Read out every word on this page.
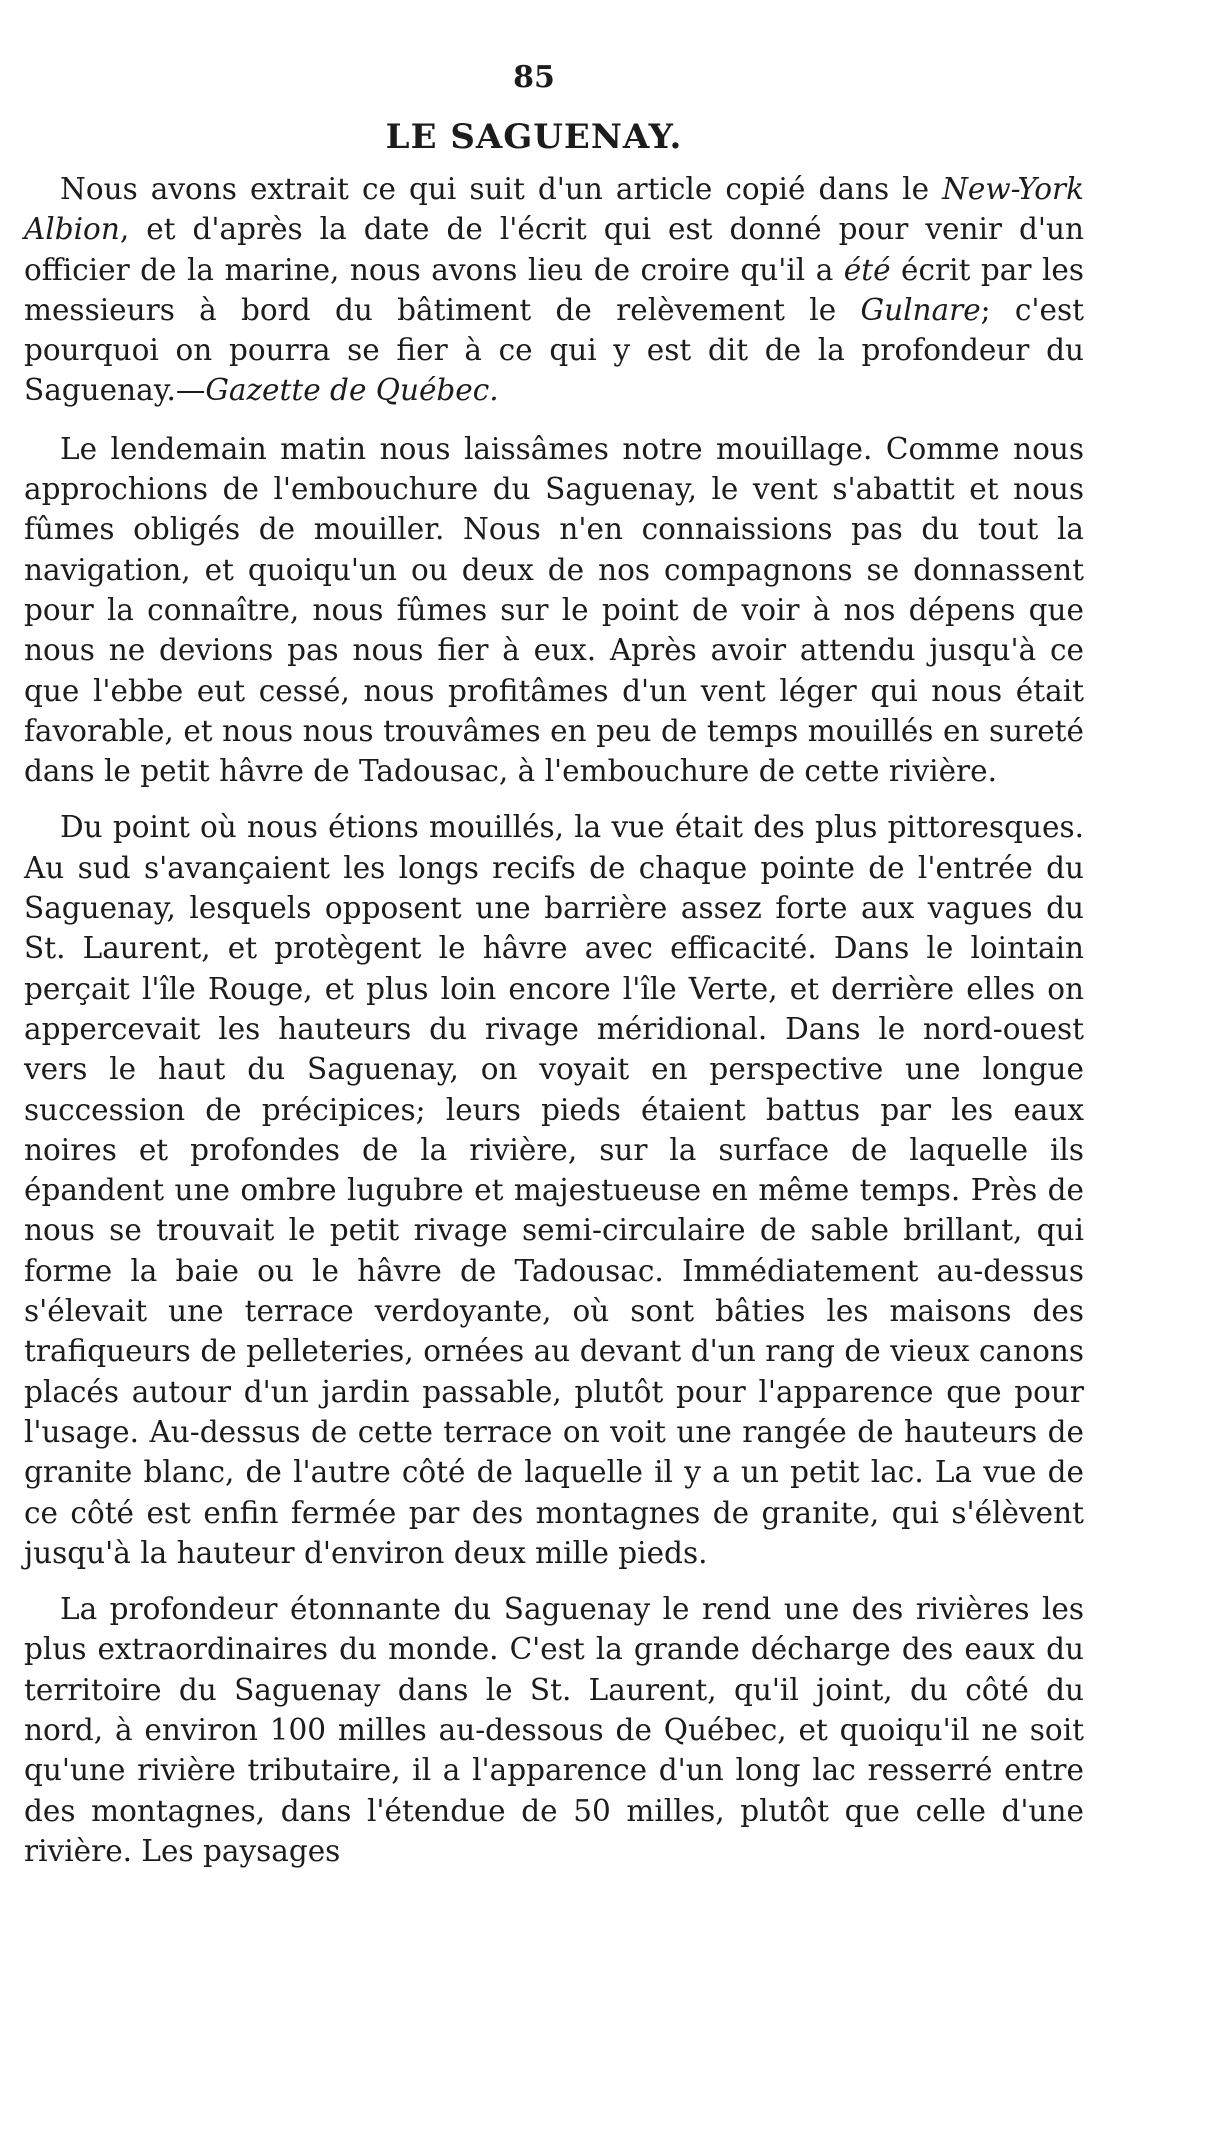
85
LE SAGUENAY.

Nous avons extrait ce qui suit d'un article copié dans le New-York Albion, et d'après la date de l'écrit qui est donné pour venir d'un officier de la marine, nous avons lieu de croire qu'il a été écrit par les messieurs à bord du bâtiment de relèvement le Gulnare; c'est pourquoi on pourra se fier à ce qui y est dit de la profondeur du Saguenay.—Gazette de Québec.

Le lendemain matin nous laissâmes notre mouillage. Comme nous approchions de l'embouchure du Saguenay, le vent s'abattit et nous fûmes obligés de mouiller. Nous n'en connaissions pas du tout la navigation, et quoiqu'un ou deux de nos compagnons se donnassent pour la connaître, nous fûmes sur le point de voir à nos dépens que nous ne devions pas nous fier à eux. Après avoir attendu jusqu'à ce que l'ebbe eut cessé, nous profitâmes d'un vent léger qui nous était favorable, et nous nous trouvâmes en peu de temps mouillés en sureté dans le petit hâvre de Tadousac, à l'embouchure de cette rivière.

Du point où nous étions mouillés, la vue était des plus pittoresques. Au sud s'avançaient les longs recifs de chaque pointe de l'entrée du Saguenay, lesquels opposent une barrière assez forte aux vagues du St. Laurent, et protègent le hâvre avec efficacité. Dans le lointain perçait l'île Rouge, et plus loin encore l'île Verte, et derrière elles on appercevait les hauteurs du rivage méridional. Dans le nord-ouest vers le haut du Saguenay, on voyait en perspective une longue succession de précipices; leurs pieds étaient battus par les eaux noires et profondes de la rivière, sur la surface de laquelle ils épandent une ombre lugubre et majestueuse en même temps. Près de nous se trouvait le petit rivage semi-circulaire de sable brillant, qui forme la baie ou le hâvre de Tadousac. Immédiatement au-dessus s'élevait une terrace verdoyante, où sont bâties les maisons des trafiqueurs de pelleteries, ornées au devant d'un rang de vieux canons placés autour d'un jardin passable, plutôt pour l'apparence que pour l'usage. Au-dessus de cette terrace on voit une rangée de hauteurs de granite blanc, de l'autre côté de laquelle il y a un petit lac. La vue de ce côté est enfin fermée par des montagnes de granite, qui s'élèvent jusqu'à la hauteur d'environ deux mille pieds.

La profondeur étonnante du Saguenay le rend une des rivières les plus extraordinaires du monde. C'est la grande décharge des eaux du territoire du Saguenay dans le St. Laurent, qu'il joint, du côté du nord, à environ 100 milles au-dessous de Québec, et quoiqu'il ne soit qu'une rivière tributaire, il a l'apparence d'un long lac resserré entre des montagnes, dans l'étendue de 50 milles, plutôt que celle d'une rivière. Les paysages
